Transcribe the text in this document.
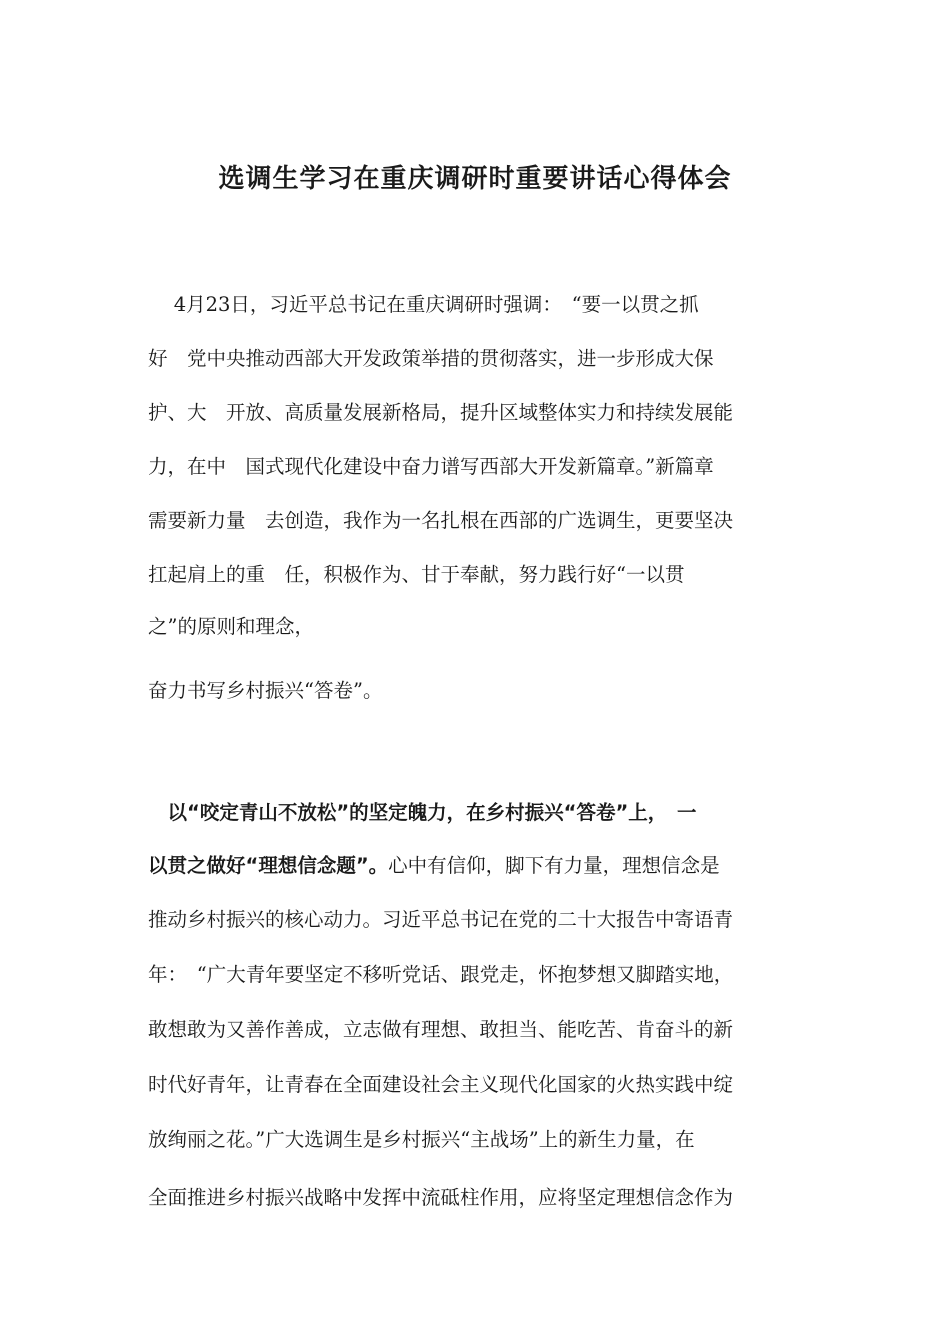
选调生学习在重庆调研时重要讲话心得体会
　 4月23日，习近平总书记在重庆调研时强调：　“要一以贯之抓
好　党中央推动西部大开发政策举措的贯彻落实，进一步形成大保
护、大　开放、高质量发展新格局，提升区域整体实力和持续发展能
力，在中　国式现代化建设中奋力谱写西部大开发新篇章。”新篇章
需要新力量　去创造，我作为一名扎根在西部的广选调生，更要坚决
扛起肩上的重　任，积极作为、甘于奉献，努力践行好“一以贯
之”的原则和理念，
奋力书写乡村振兴“答卷”。
　以“咬定青山不放松”的坚定魄力，在乡村振兴“答卷”上，　一
以贯之做好“理想信念题”。心中有信仰，脚下有力量，理想信念是
推动乡村振兴的核心动力。习近平总书记在党的二十大报告中寄语青
年：　“广大青年要坚定不移听党话、跟党走，怀抱梦想又脚踏实地，
敢想敢为又善作善成，立志做有理想、敢担当、能吃苦、肯奋斗的新
时代好青年，让青春在全面建设社会主义现代化国家的火热实践中绽
放绚丽之花。”广大选调生是乡村振兴“主战场”上的新生力量，在
全面推进乡村振兴战略中发挥中流砥柱作用，应将坚定理想信念作为
